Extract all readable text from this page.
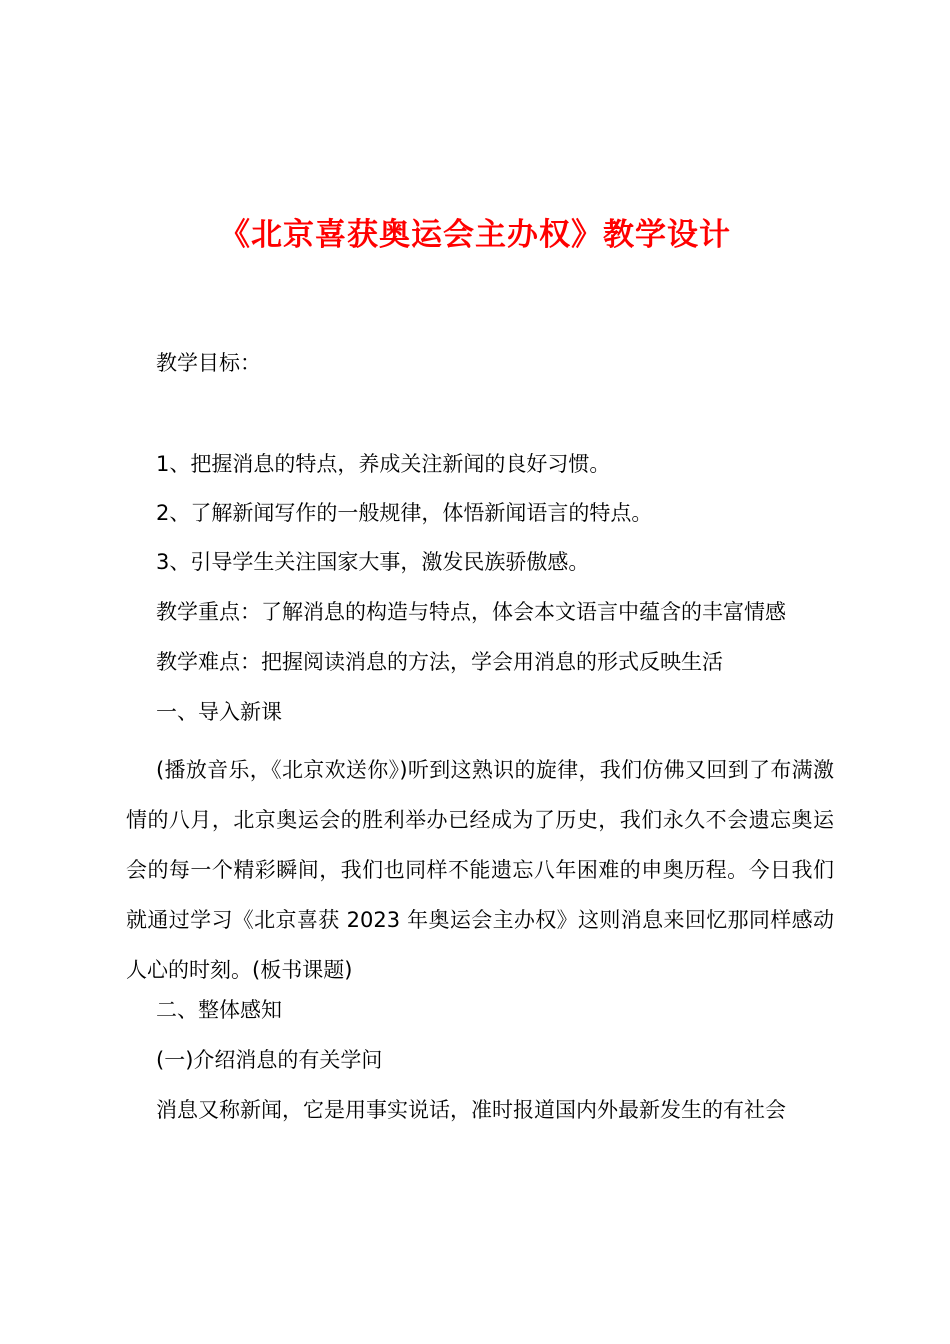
《北京喜获奥运会主办权》教学设计
教学目标：
1、把握消息的特点，养成关注新闻的良好习惯。
2、了解新闻写作的一般规律，体悟新闻语言的特点。
3、引导学生关注国家大事，激发民族骄傲感。
教学重点：了解消息的构造与特点，体会本文语言中蕴含的丰富情感
教学难点：把握阅读消息的方法，学会用消息的形式反映生活
一、导入新课
(播放音乐，《北京欢送你》)听到这熟识的旋律，我们仿佛又回到了布满激情的八月，北京奥运会的胜利举办已经成为了历史，我们永久不会遗忘奥运会的每一个精彩瞬间，我们也同样不能遗忘八年困难的申奥历程。今日我们就通过学习《北京喜获 2023 年奥运会主办权》这则消息来回忆那同样感动人心的时刻。(板书课题)
二、整体感知
(一)介绍消息的有关学问
消息又称新闻，它是用事实说话，准时报道国内外最新发生的有社会
